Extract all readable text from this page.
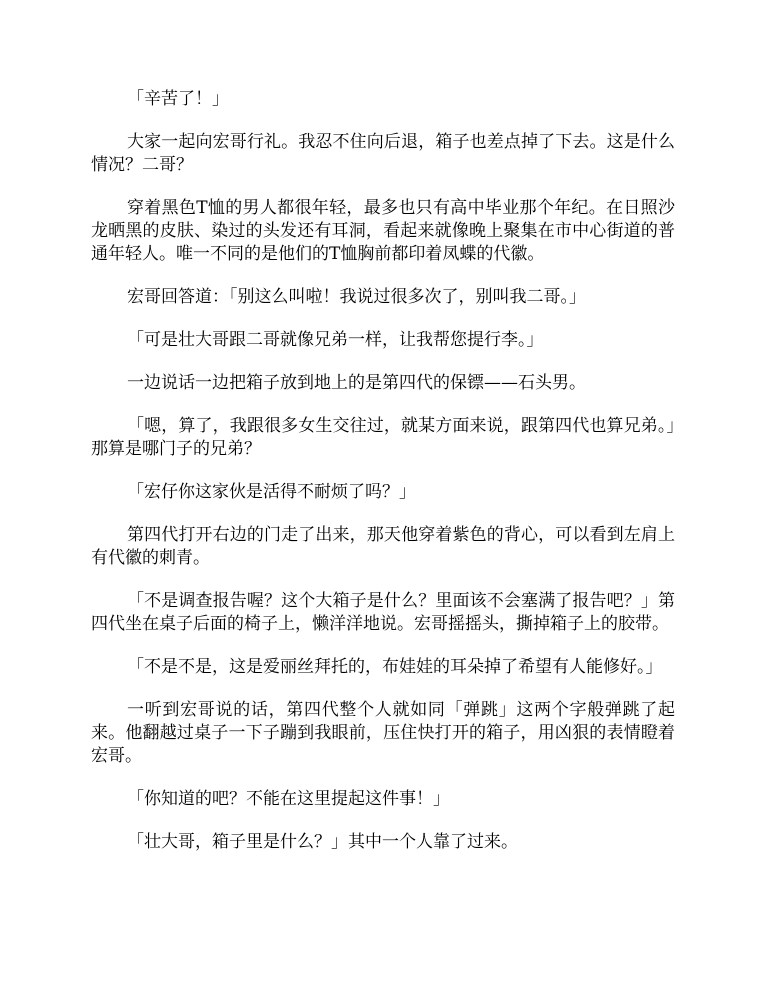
「辛苦了！」

大家一起向宏哥行礼。我忍不住向后退，箱子也差点掉了下去。这是什么情况？二哥？

穿着黑色T恤的男人都很年轻，最多也只有高中毕业那个年纪。在日照沙龙晒黑的皮肤、染过的头发还有耳洞，看起来就像晚上聚集在市中心街道的普通年轻人。唯一不同的是他们的T恤胸前都印着凤蝶的代徽。

宏哥回答道：「别这么叫啦！我说过很多次了，别叫我二哥。」

「可是壮大哥跟二哥就像兄弟一样，让我帮您提行李。」

一边说话一边把箱子放到地上的是第四代的保镖——石头男。

「嗯，算了，我跟很多女生交往过，就某方面来说，跟第四代也算兄弟。」那算是哪门子的兄弟？

「宏仔你这家伙是活得不耐烦了吗？」

第四代打开右边的门走了出来，那天他穿着紫色的背心，可以看到左肩上有代徽的刺青。

「不是调查报告喔？这个大箱子是什么？里面该不会塞满了报告吧？」第四代坐在桌子后面的椅子上，懒洋洋地说。宏哥摇摇头，撕掉箱子上的胶带。

「不是不是，这是爱丽丝拜托的，布娃娃的耳朵掉了希望有人能修好。」

一听到宏哥说的话，第四代整个人就如同「弹跳」这两个字般弹跳了起来。他翻越过桌子一下子蹦到我眼前，压住快打开的箱子，用凶狠的表情瞪着宏哥。

「你知道的吧？不能在这里提起这件事！」

「壮大哥，箱子里是什么？」其中一个人靠了过来。
